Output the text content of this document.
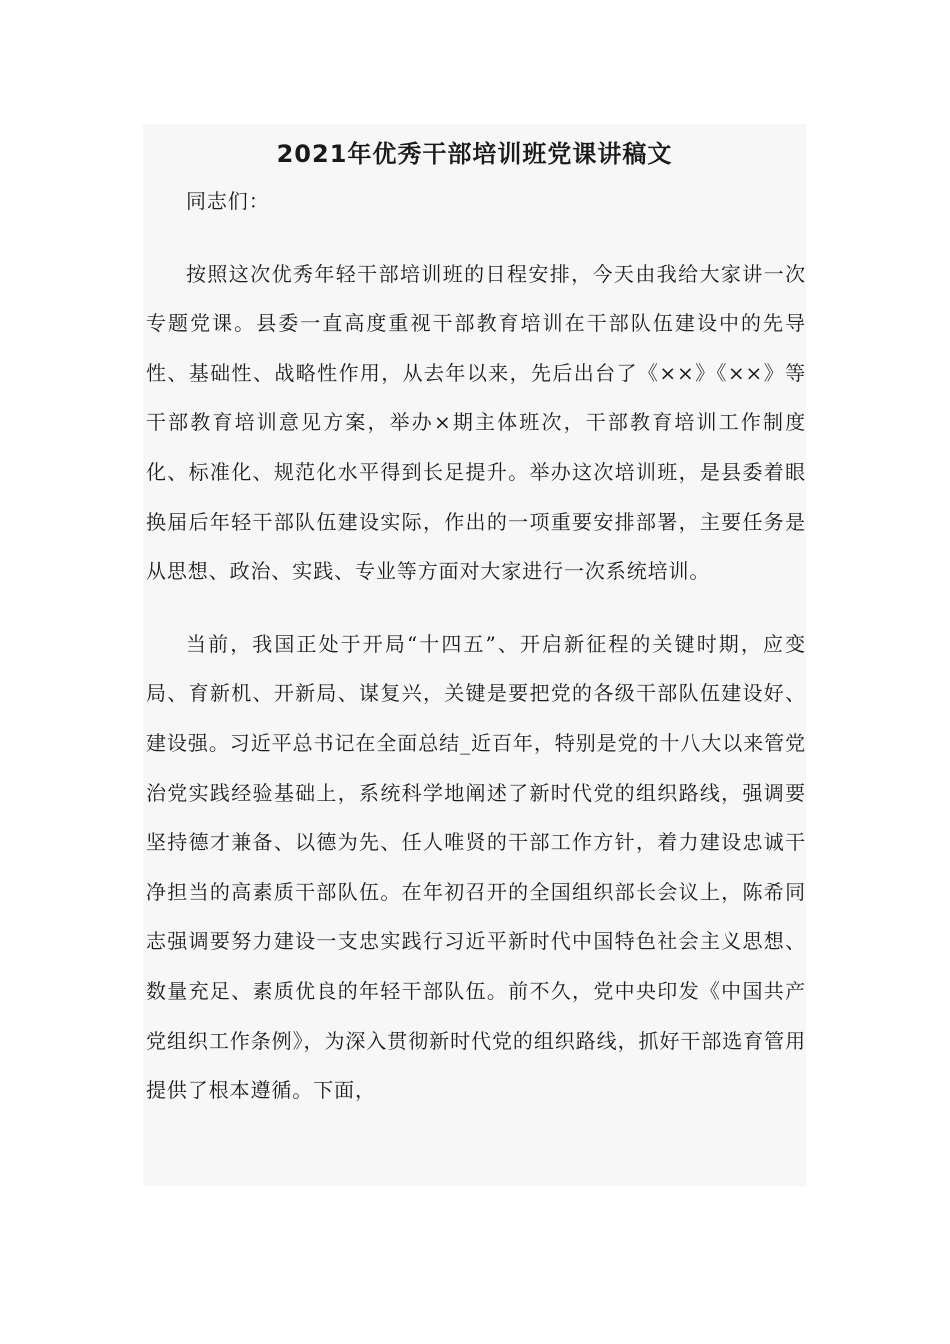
2021年优秀干部培训班党课讲稿文

同志们：

按照这次优秀年轻干部培训班的日程安排，今天由我给大家讲一次专题党课。县委一直高度重视干部教育培训在干部队伍建设中的先导性、基础性、战略性作用，从去年以来，先后出台了《××》《××》等干部教育培训意见方案，举办×期主体班次，干部教育培训工作制度化、标准化、规范化水平得到长足提升。举办这次培训班，是县委着眼换届后年轻干部队伍建设实际，作出的一项重要安排部署，主要任务是从思想、政治、实践、专业等方面对大家进行一次系统培训。

当前，我国正处于开局“十四五”、开启新征程的关键时期，应变局、育新机、开新局、谋复兴，关键是要把党的各级干部队伍建设好、建设强。习近平总书记在全面总结_近百年，特别是党的十八大以来管党治党实践经验基础上，系统科学地阐述了新时代党的组织路线，强调要坚持德才兼备、以德为先、任人唯贤的干部工作方针，着力建设忠诚干净担当的高素质干部队伍。在年初召开的全国组织部长会议上，陈希同志强调要努力建设一支忠实践行习近平新时代中国特色社会主义思想、数量充足、素质优良的年轻干部队伍。前不久，党中央印发《中国共产党组织工作条例》，为深入贯彻新时代党的组织路线，抓好干部选育管用提供了根本遵循。下面，
